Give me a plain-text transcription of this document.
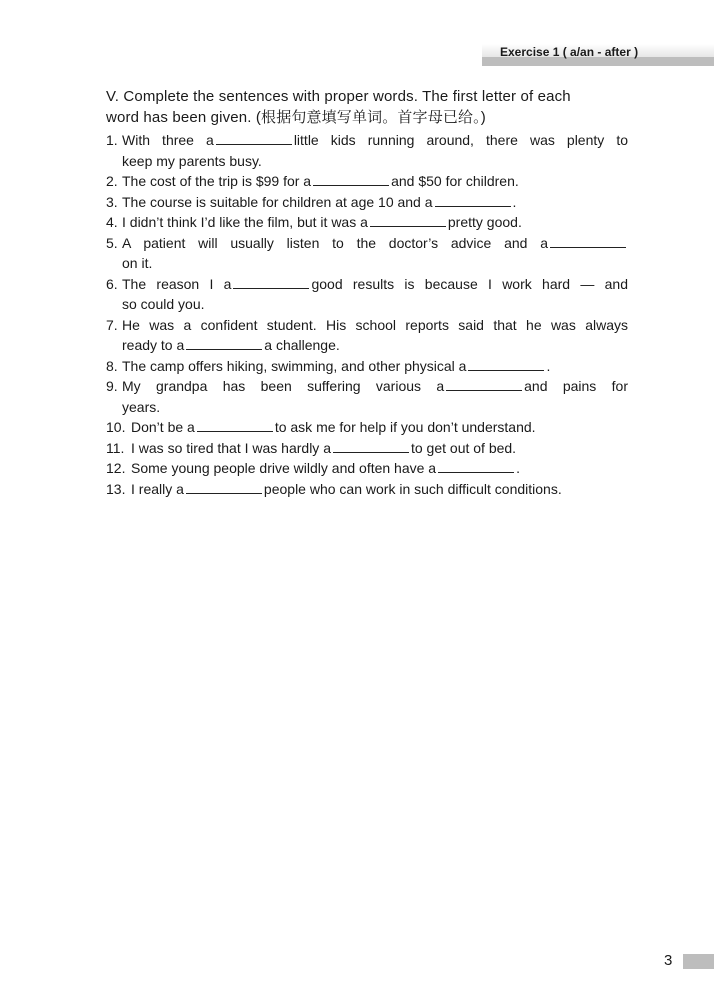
Exercise 1 ( a/an - after )
V. Complete the sentences with proper words. The first letter of each
word has been given. (根据句意填写单词。首字母已给。)
1. With three a	little kids running around, there was plenty to
keep my parents busy.
2. The cost of the trip is $99 for a	and $50 for children.
3. The course is suitable for children at age 10 and a	.
4. I didn’t think I’d like the film, but it was a	pretty good.
5. A patient will usually listen to the doctor’s advice and a
on it.
6. The reason I a	good results is because I work hard — and
so could you.
7. He was a confident student. His school reports said that he was always
ready to a	a challenge.
8. The camp offers hiking, swimming, and other physical a	.
9. My grandpa has been suffering various a	and pains for
years.
10. Don’t be a	to ask me for help if you don’t understand.
11. I was so tired that I was hardly a	to get out of bed.
12. Some young people drive wildly and often have a	.
13. I really a	people who can work in such difficult conditions.
3
